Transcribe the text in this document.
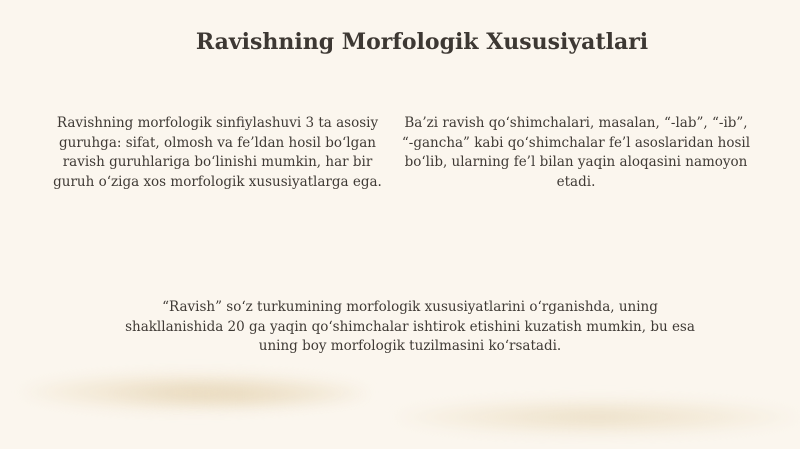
Ravishning Morfologik Xususiyatlari

Ravishning morfologik sinfiylashuvi 3 ta asosiy guruhga: sifat, olmosh va fe’ldan hosil bo‘lgan ravish guruhlariga bo‘linishi mumkin, har bir guruh o‘ziga xos morfologik xususiyatlarga ega.

Ba’zi ravish qo‘shimchalari, masalan, “-lab”, “-ib”, “-gancha” kabi qo‘shimchalar fe’l asoslaridan hosil bo‘lib, ularning fe’l bilan yaqin aloqasini namoyon etadi.

“Ravish” so‘z turkumining morfologik xususiyatlarini o‘rganishda, uning shakllanishida 20 ga yaqin qo‘shimchalar ishtirok etishini kuzatish mumkin, bu esa uning boy morfologik tuzilmasini ko‘rsatadi.
